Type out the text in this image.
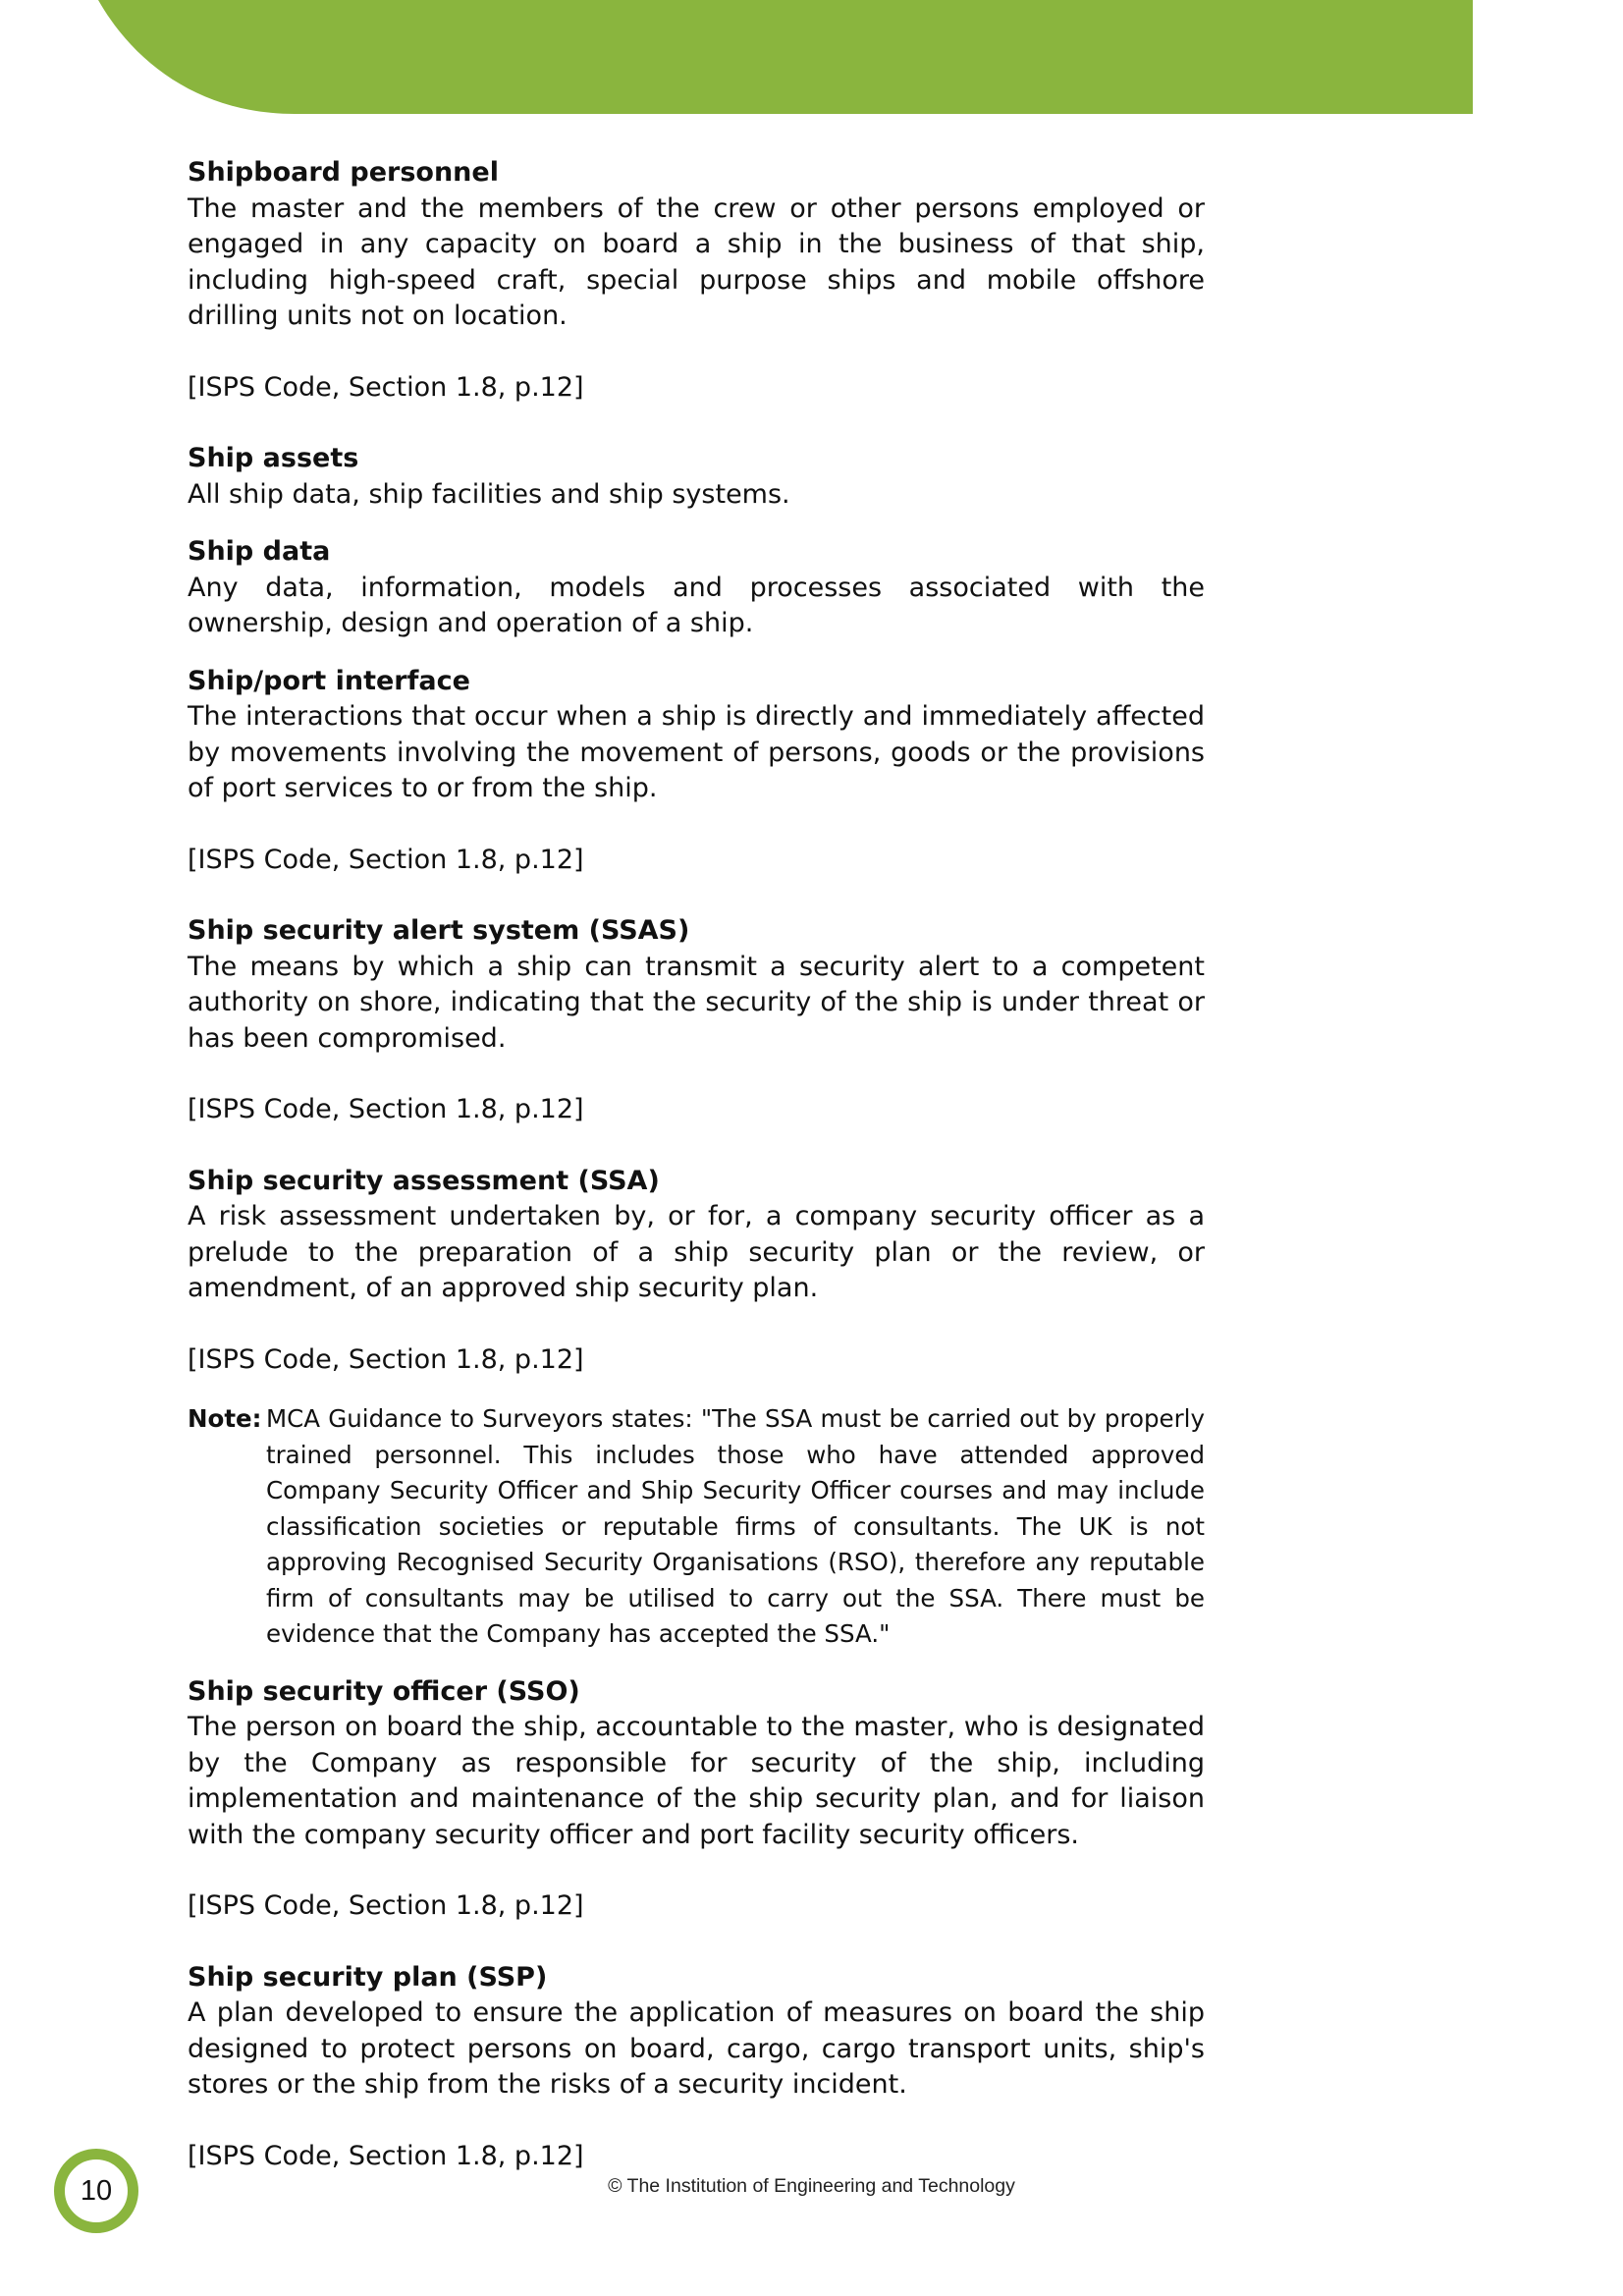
Shipboard personnel

The master and the members of the crew or other persons employed or engaged in any capacity on board a ship in the business of that ship, including high-speed craft, special purpose ships and mobile offshore drilling units not on location.

[ISPS Code, Section 1.8, p.12]

Ship assets

All ship data, ship facilities and ship systems.

Ship data

Any data, information, models and processes associated with the ownership, design and operation of a ship.

Ship/port interface

The interactions that occur when a ship is directly and immediately affected by movements involving the movement of persons, goods or the provisions of port services to or from the ship.

[ISPS Code, Section 1.8, p.12]

Ship security alert system (SSAS)

The means by which a ship can transmit a security alert to a competent authority on shore, indicating that the security of the ship is under threat or has been compromised.

[ISPS Code, Section 1.8, p.12]

Ship security assessment (SSA)

A risk assessment undertaken by, or for, a company security officer as a prelude to the preparation of a ship security plan or the review, or amendment, of an approved ship security plan.

[ISPS Code, Section 1.8, p.12]

Note: MCA Guidance to Surveyors states: "The SSA must be carried out by properly trained personnel. This includes those who have attended approved Company Security Officer and Ship Security Officer courses and may include classification societies or reputable firms of consultants. The UK is not approving Recognised Security Organisations (RSO), therefore any reputable firm of consultants may be utilised to carry out the SSA. There must be evidence that the Company has accepted the SSA."

Ship security officer (SSO)

The person on board the ship, accountable to the master, who is designated by the Company as responsible for security of the ship, including implementation and maintenance of the ship security plan, and for liaison with the company security officer and port facility security officers.

[ISPS Code, Section 1.8, p.12]

Ship security plan (SSP)

A plan developed to ensure the application of measures on board the ship designed to protect persons on board, cargo, cargo transport units, ship's stores or the ship from the risks of a security incident.

[ISPS Code, Section 1.8, p.12]

© The Institution of Engineering and Technology
10
